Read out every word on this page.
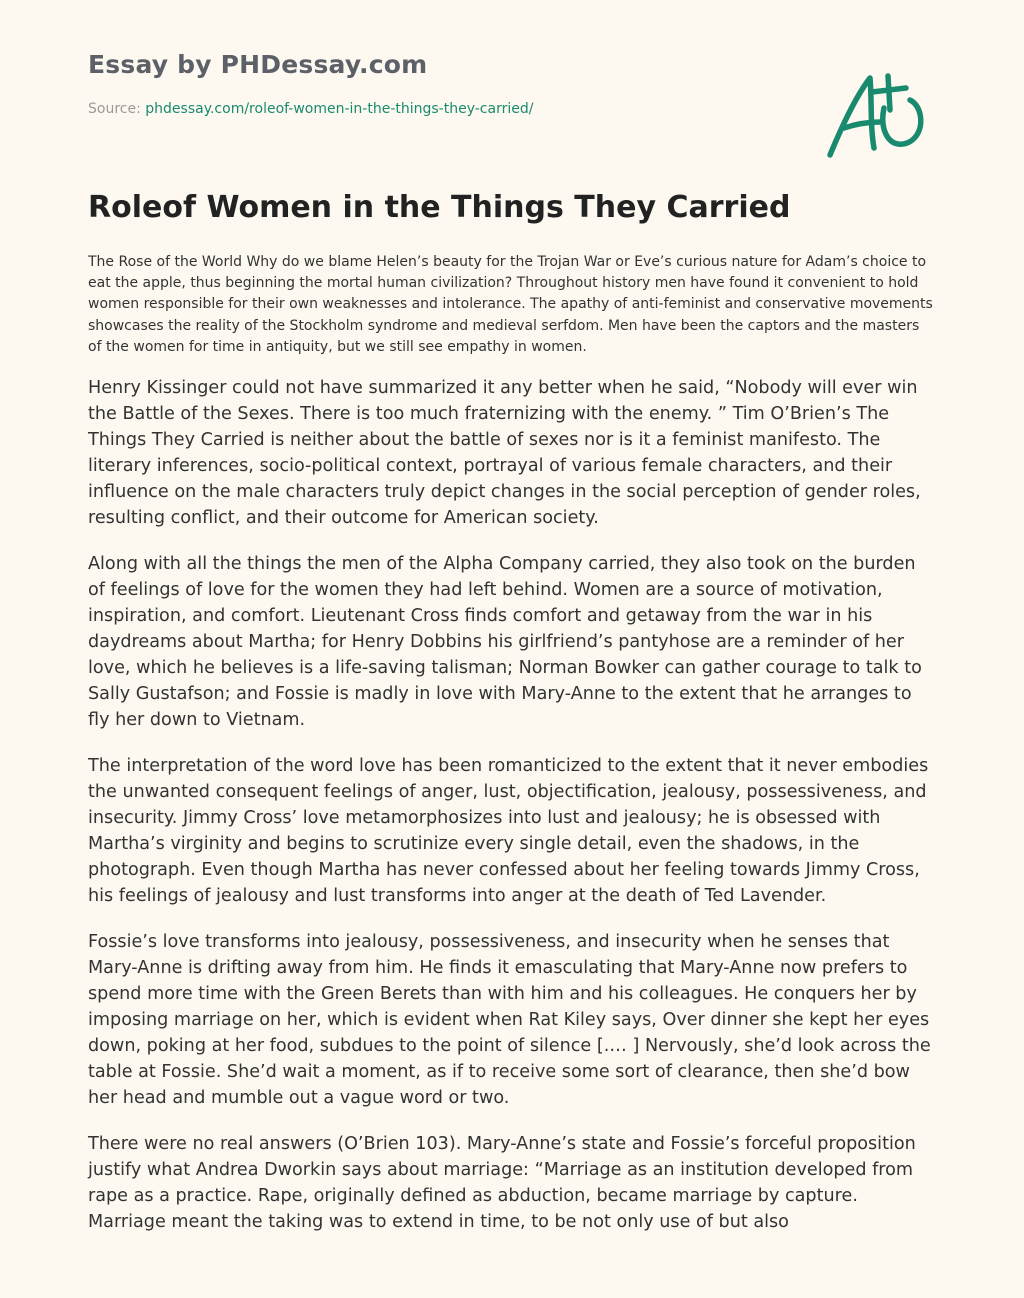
Essay by PHDessay.com
Source: phdessay.com/roleof-women-in-the-things-they-carried/
Roleof Women in the Things They Carried

The Rose of the World Why do we blame Helen’s beauty for the Trojan War or Eve’s curious nature for Adam’s choice to eat the apple, thus beginning the mortal human civilization? Throughout history men have found it convenient to hold women responsible for their own weaknesses and intolerance. The apathy of anti-feminist and conservative movements showcases the reality of the Stockholm syndrome and medieval serfdom. Men have been the captors and the masters of the women for time in antiquity, but we still see empathy in women.

Henry Kissinger could not have summarized it any better when he said, “Nobody will ever win the Battle of the Sexes. There is too much fraternizing with the enemy. ” Tim O’Brien’s The Things They Carried is neither about the battle of sexes nor is it a feminist manifesto. The literary inferences, socio-political context, portrayal of various female characters, and their influence on the male characters truly depict changes in the social perception of gender roles, resulting conflict, and their outcome for American society.

Along with all the things the men of the Alpha Company carried, they also took on the burden of feelings of love for the women they had left behind. Women are a source of motivation, inspiration, and comfort. Lieutenant Cross finds comfort and getaway from the war in his daydreams about Martha; for Henry Dobbins his girlfriend’s pantyhose are a reminder of her love, which he believes is a life-saving talisman; Norman Bowker can gather courage to talk to Sally Gustafson; and Fossie is madly in love with Mary-Anne to the extent that he arranges to fly her down to Vietnam.

The interpretation of the word love has been romanticized to the extent that it never embodies the unwanted consequent feelings of anger, lust, objectification, jealousy, possessiveness, and insecurity. Jimmy Cross’ love metamorphosizes into lust and jealousy; he is obsessed with Martha’s virginity and begins to scrutinize every single detail, even the shadows, in the photograph. Even though Martha has never confessed about her feeling towards Jimmy Cross, his feelings of jealousy and lust transforms into anger at the death of Ted Lavender.

Fossie’s love transforms into jealousy, possessiveness, and insecurity when he senses that Mary-Anne is drifting away from him. He finds it emasculating that Mary-Anne now prefers to spend more time with the Green Berets than with him and his colleagues. He conquers her by imposing marriage on her, which is evident when Rat Kiley says, Over dinner she kept her eyes down, poking at her food, subdues to the point of silence [.… ] Nervously, she’d look across the table at Fossie. She’d wait a moment, as if to receive some sort of clearance, then she’d bow her head and mumble out a vague word or two.

There were no real answers (O’Brien 103). Mary-Anne’s state and Fossie’s forceful proposition justify what Andrea Dworkin says about marriage: “Marriage as an institution developed from rape as a practice. Rape, originally defined as abduction, became marriage by capture. Marriage meant the taking was to extend in time, to be not only use of but also
